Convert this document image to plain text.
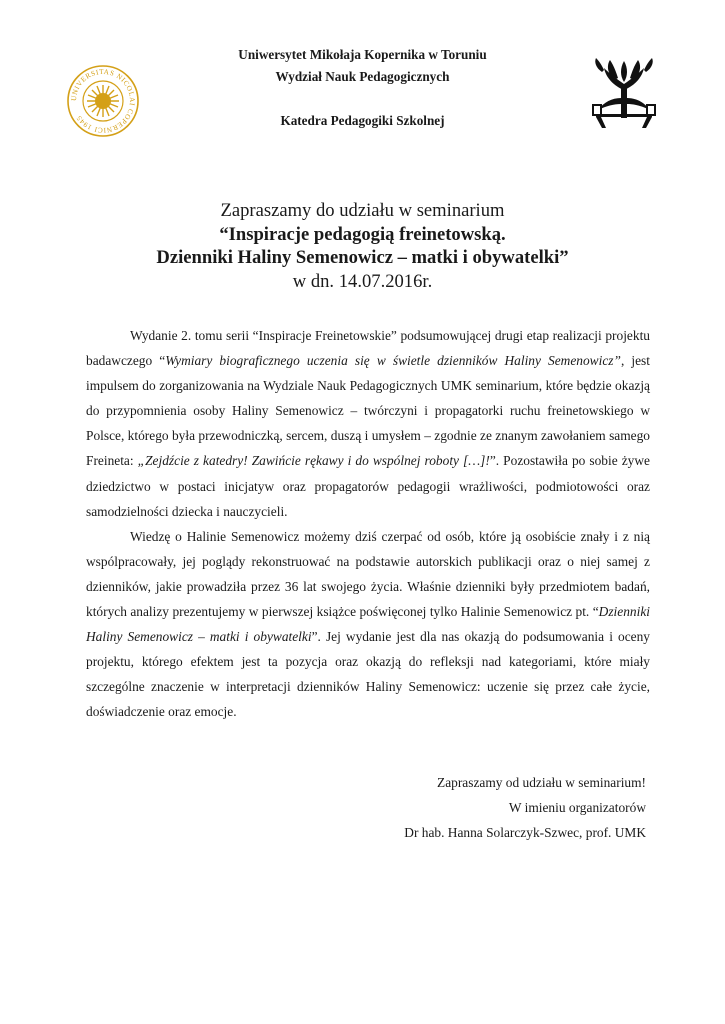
UNIVERSITAS NICOLAI COPERNICI 1945
Uniwersytet Mikołaja Kopernika w Toruniu
Wydział Nauk Pedagogicznych
Katedra Pedagogiki Szkolnej
Zapraszamy do udziału w seminarium
“Inspiracje pedagogią freinetowską.
Dzienniki Haliny Semenowicz – matki i obywatelki”
w dn. 14.07.2016r.

Wydanie 2. tomu serii “Inspiracje Freinetowskie” podsumowującej drugi etap realizacji projektu badawczego “Wymiary biograficznego uczenia się w świetle dzienników Haliny Semenowicz”, jest impulsem do zorganizowania na Wydziale Nauk Pedagogicznych UMK seminarium, które będzie okazją do przypomnienia osoby Haliny Semenowicz – twórczyni i propagatorki ruchu freinetowskiego w Polsce, którego była przewodniczką, sercem, duszą i umysłem – zgodnie ze znanym zawołaniem samego Freineta: „Zejdźcie z katedry! Zawińcie rękawy i do wspólnej roboty […]!”. Pozostawiła po sobie żywe dziedzictwo w postaci inicjatyw oraz propagatorów pedagogii wrażliwości, podmiotowości oraz samodzielności dziecka i nauczycieli.

Wiedzę o Halinie Semenowicz możemy dziś czerpać od osób, które ją osobiście znały i z nią wspólpracowały, jej poglądy rekonstruować na podstawie autorskich publikacji oraz o niej samej z dzienników, jakie prowadziła przez 36 lat swojego życia. Właśnie dzienniki były przedmiotem badań, których analizy prezentujemy w pierwszej książce poświęconej tylko Halinie Semenowicz pt. “Dzienniki Haliny Semenowicz – matki i obywatelki”. Jej wydanie jest dla nas okazją do podsumowania i oceny projektu, którego efektem jest ta pozycja oraz okazją do refleksji nad kategoriami, które miały szczególne znaczenie w interpretacji dzienników Haliny Semenowicz: uczenie się przez całe życie, doświadczenie oraz emocje.

Zapraszamy od udziału w seminarium!
W imieniu organizatorów
Dr hab. Hanna Solarczyk-Szwec, prof. UMK
